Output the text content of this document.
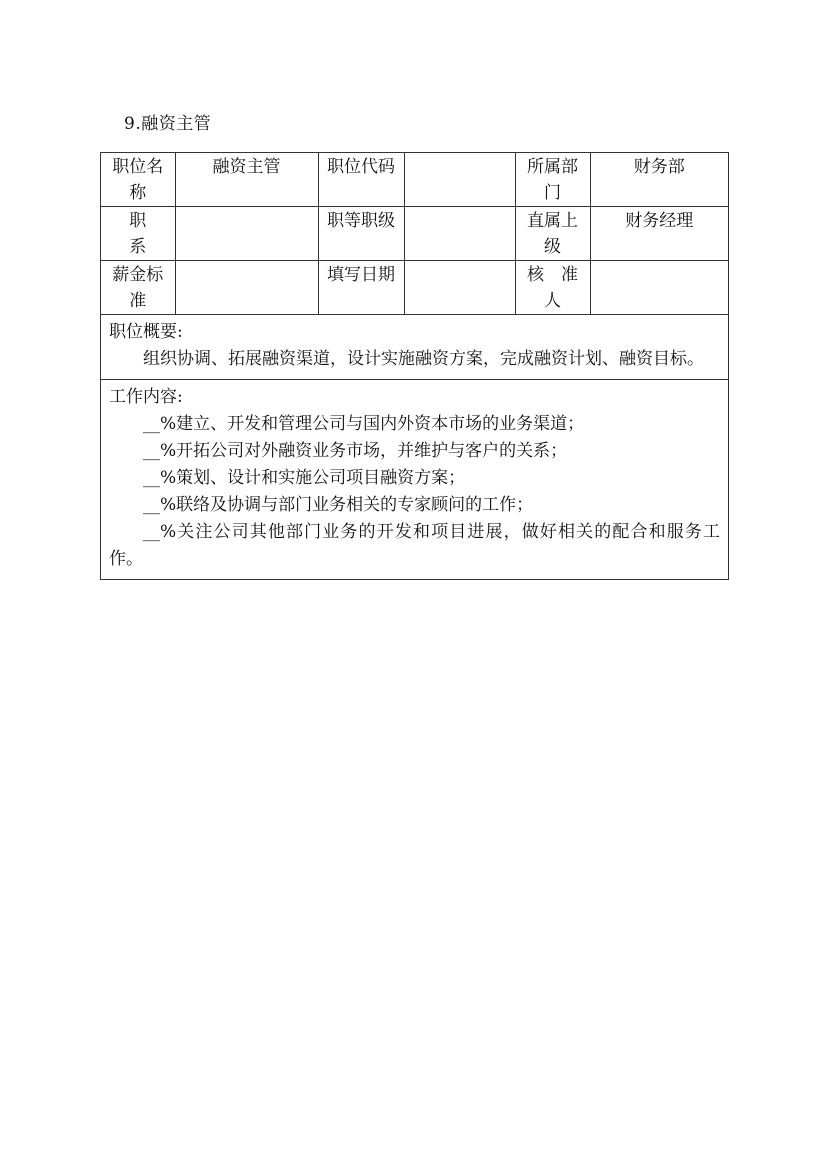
9.融资主管
职位名称	融资主管	职位代码		所属部门	财务部
职　　系		职等职级		直属上级	财务经理
薪金标准		填写日期		核　准人	
职位概要:
组织协调、拓展融资渠道，设计实施融资方案，完成融资计划、融资目标。
工作内容:
__%建立、开发和管理公司与国内外资本市场的业务渠道；
__%开拓公司对外融资业务市场，并维护与客户的关系；
__%策划、设计和实施公司项目融资方案；
__%联络及协调与部门业务相关的专家顾问的工作；
__%关注公司其他部门业务的开发和项目进展，做好相关的配合和服务工作。
